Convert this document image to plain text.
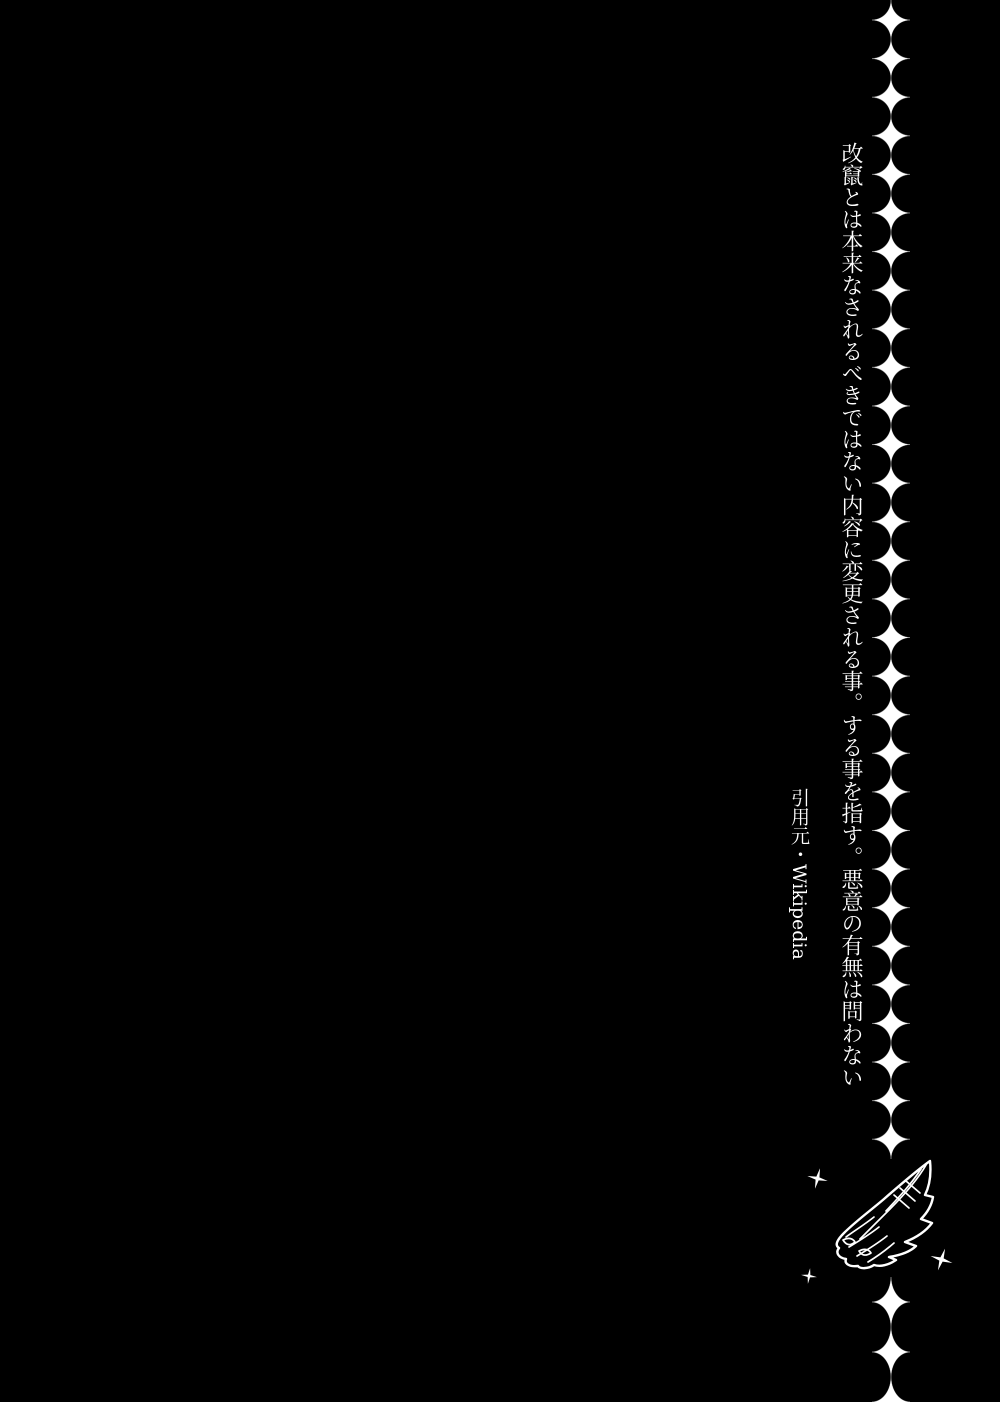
改竄とは本来なされるべきではない内容に変更される事。する事を指す。悪意の有無は問わない
引用元・Wikipedia
